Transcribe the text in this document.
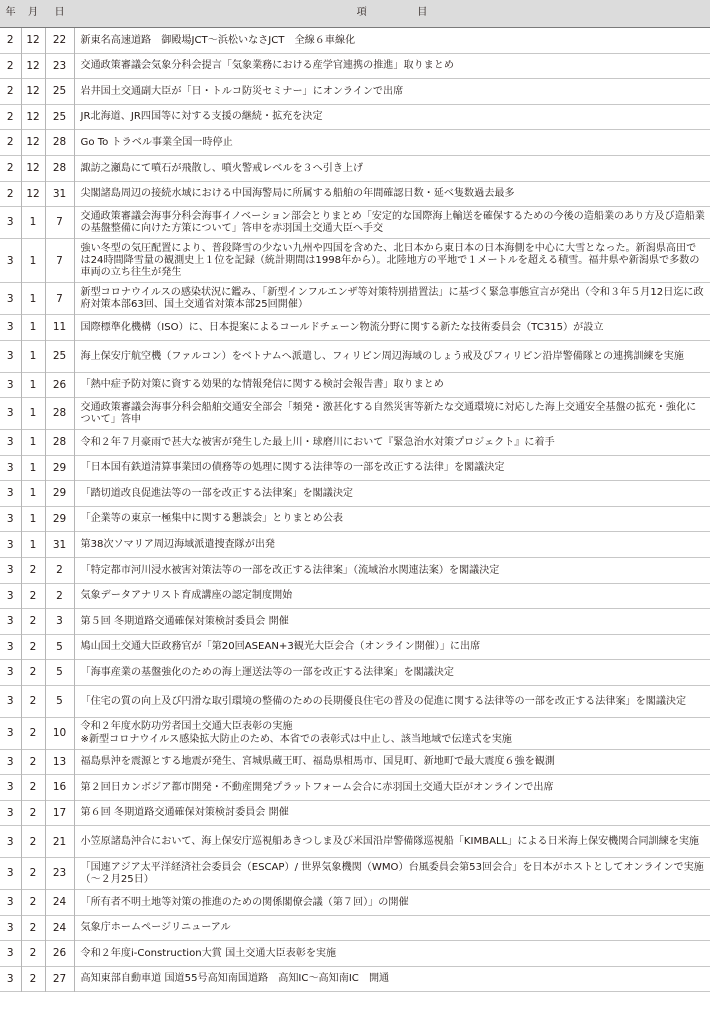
年	月	日	項　　　　　目
2	12	22	新東名高速道路　御殿場JCT〜浜松いなさJCT　全線６車線化
2	12	23	交通政策審議会気象分科会提言「気象業務における産学官連携の推進」取りまとめ
2	12	25	岩井国土交通副大臣が「日・トルコ防災セミナー」にオンラインで出席
2	12	25	JR北海道、JR四国等に対する支援の継続・拡充を決定
2	12	28	Go To トラベル事業全国一時停止
2	12	28	諏訪之瀬島にて噴石が飛散し、噴火警戒レベルを３へ引き上げ
2	12	31	尖閣諸島周辺の接続水域における中国海警局に所属する船舶の年間確認日数・延べ隻数過去最多
3	1	7	交通政策審議会海事分科会海事イノベーション部会とりまとめ「安定的な国際海上輸送を確保するための今後の造船業のあり方及び造船業の基盤整備に向けた方策について」答申を赤羽国土交通大臣へ手交
3	1	7	強い冬型の気圧配置により、普段降雪の少ない九州や四国を含めた、北日本から東日本の日本海側を中心に大雪となった。新潟県高田では24時間降雪量の観測史上１位を記録（統計期間は1998年から）。北陸地方の平地で１メートルを超える積雪。福井県や新潟県で多数の車両の立ち往生が発生
3	1	7	新型コロナウイルスの感染状況に鑑み、「新型インフルエンザ等対策特別措置法」に基づく緊急事態宣言が発出（令和３年５月12日迄に政府対策本部63回、国土交通省対策本部25回開催）
3	1	11	国際標準化機構（ISO）に、日本提案によるコールドチェーン物流分野に関する新たな技術委員会（TC315）が設立
3	1	25	海上保安庁航空機（ファルコン）をベトナムへ派遣し、フィリピン周辺海域のしょう戒及びフィリピン沿岸警備隊との連携訓練を実施
3	1	26	「熱中症予防対策に資する効果的な情報発信に関する検討会報告書」取りまとめ
3	1	28	交通政策審議会海事分科会船舶交通安全部会「頻発・激甚化する自然災害等新たな交通環境に対応した海上交通安全基盤の拡充・強化について」答申
3	1	28	令和２年７月豪雨で甚大な被害が発生した最上川・球磨川において『緊急治水対策プロジェクト』に着手
3	1	29	「日本国有鉄道清算事業団の債務等の処理に関する法律等の一部を改正する法律」を閣議決定
3	1	29	「踏切道改良促進法等の一部を改正する法律案」を閣議決定
3	1	29	「企業等の東京一極集中に関する懇談会」とりまとめ公表
3	1	31	第38次ソマリア周辺海域派遣捜査隊が出発
3	2	2	「特定都市河川浸水被害対策法等の一部を改正する法律案」（流域治水関連法案）を閣議決定
3	2	2	気象データアナリスト育成講座の認定制度開始
3	2	3	第５回 冬期道路交通確保対策検討委員会 開催
3	2	5	鳩山国土交通大臣政務官が「第20回ASEAN+3観光大臣会合（オンライン開催）」に出席
3	2	5	「海事産業の基盤強化のための海上運送法等の一部を改正する法律案」を閣議決定
3	2	5	「住宅の質の向上及び円滑な取引環境の整備のための長期優良住宅の普及の促進に関する法律等の一部を改正する法律案」を閣議決定
3	2	10	令和２年度水防功労者国土交通大臣表彰の実施
※新型コロナウイルス感染拡大防止のため、本省での表彰式は中止し、該当地域で伝達式を実施
3	2	13	福島県沖を震源とする地震が発生、宮城県蔵王町、福島県相馬市、国見町、新地町で最大震度６強を観測
3	2	16	第２回日カンボジア都市開発・不動産開発プラットフォーム会合に赤羽国土交通大臣がオンラインで出席
3	2	17	第６回 冬期道路交通確保対策検討委員会 開催
3	2	21	小笠原諸島沖合において、海上保安庁巡視船あきつしま及び米国沿岸警備隊巡視船「KIMBALL」による日米海上保安機関合同訓練を実施
3	2	23	「国連アジア太平洋経済社会委員会（ESCAP）/ 世界気象機関（WMO）台風委員会第53回会合」を日本がホストとしてオンラインで実施（〜２月25日）
3	2	24	「所有者不明土地等対策の推進のための関係閣僚会議（第７回）」の開催
3	2	24	気象庁ホームページリニューアル
3	2	26	令和２年度i-Construction大賞 国土交通大臣表彰を実施
3	2	27	高知東部自動車道 国道55号高知南国道路　高知IC〜高知南IC　開通
